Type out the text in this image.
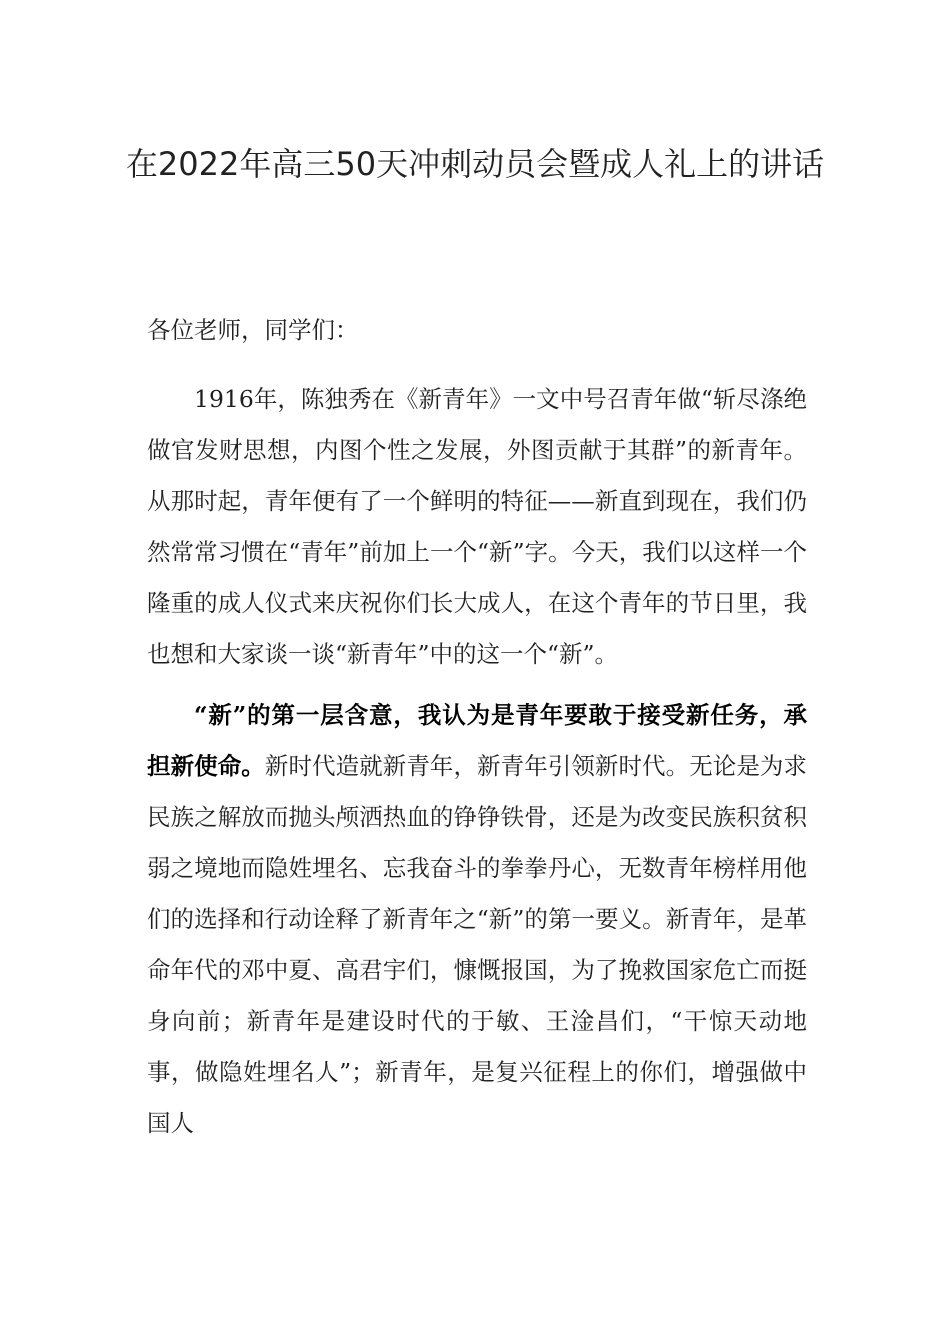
在2022年高三50天冲刺动员会暨成人礼上的讲话

各位老师，同学们：

1916年，陈独秀在《新青年》一文中号召青年做“斩尽涤绝做官发财思想，内图个性之发展，外图贡献于其群”的新青年。从那时起，青年便有了一个鲜明的特征——新直到现在，我们仍然常常习惯在“青年”前加上一个“新”字。今天，我们以这样一个隆重的成人仪式来庆祝你们长大成人，在这个青年的节日里，我也想和大家谈一谈“新青年”中的这一个“新”。

“新”的第一层含意，我认为是青年要敢于接受新任务，承担新使命。新时代造就新青年，新青年引领新时代。无论是为求民族之解放而抛头颅洒热血的铮铮铁骨，还是为改变民族积贫积弱之境地而隐姓埋名、忘我奋斗的拳拳丹心，无数青年榜样用他们的选择和行动诠释了新青年之“新”的第一要义。新青年，是革命年代的邓中夏、高君宇们，慷慨报国，为了挽救国家危亡而挺身向前；新青年是建设时代的于敏、王淦昌们，“干惊天动地事，做隐姓埋名人”；新青年，是复兴征程上的你们，增强做中国人
